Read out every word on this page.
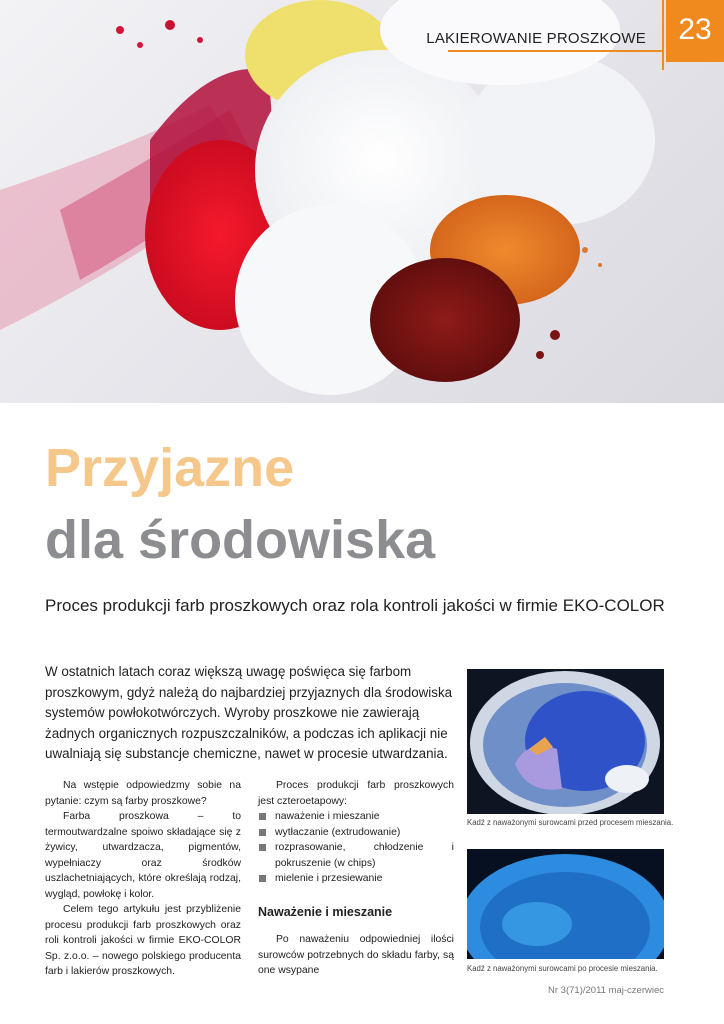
LAKIEROWANIE PROSZKOWE	23
Przyjazne
dla środowiska
Proces produkcji farb proszkowych oraz rola kontroli jakości w firmie EKO-COLOR
W ostatnich latach coraz większą uwagę poświęca się farbom proszkowym, gdyż należą do najbardziej przyjaznych dla środowiska systemów powłokotwórczych. Wyroby proszkowe nie zawierają żadnych organicznych rozpuszczalników, a podczas ich aplikacji nie uwalniają się substancje chemiczne, nawet w procesie utwardzania.

Na wstępie odpowiedzmy sobie na pytanie: czym są farby proszkowe?

Farba proszkowa – to termoutwardzalne spoiwo składające się z żywicy, utwardzacza, pigmentów, wypełniaczy oraz środków uszlachetniających, które określają rodzaj, wygląd, powłokę i kolor.

Celem tego artykułu jest przybliżenie procesu produkcji farb proszkowych oraz roli kontroli jakości w firmie EKO-COLOR Sp. z.o.o. – nowego polskiego producenta farb i lakierów proszkowych.

Proces produkcji farb proszkowych jest czteroetapowy:

naważenie i mieszanie
wytłaczanie (extrudowanie)
rozprasowanie, chłodzenie i pokruszenie (w chips)
mielenie i przesiewanie
Naważenie i mieszanie

Po naważeniu odpowiedniej ilości surowców potrzebnych do składu farby, są one wsypane

Kadź z naważonymi surowcami przed procesem mieszania.
Kadź z naważonymi surowcami po procesie mieszania.
Nr 3(71)/2011 maj-czerwiec
